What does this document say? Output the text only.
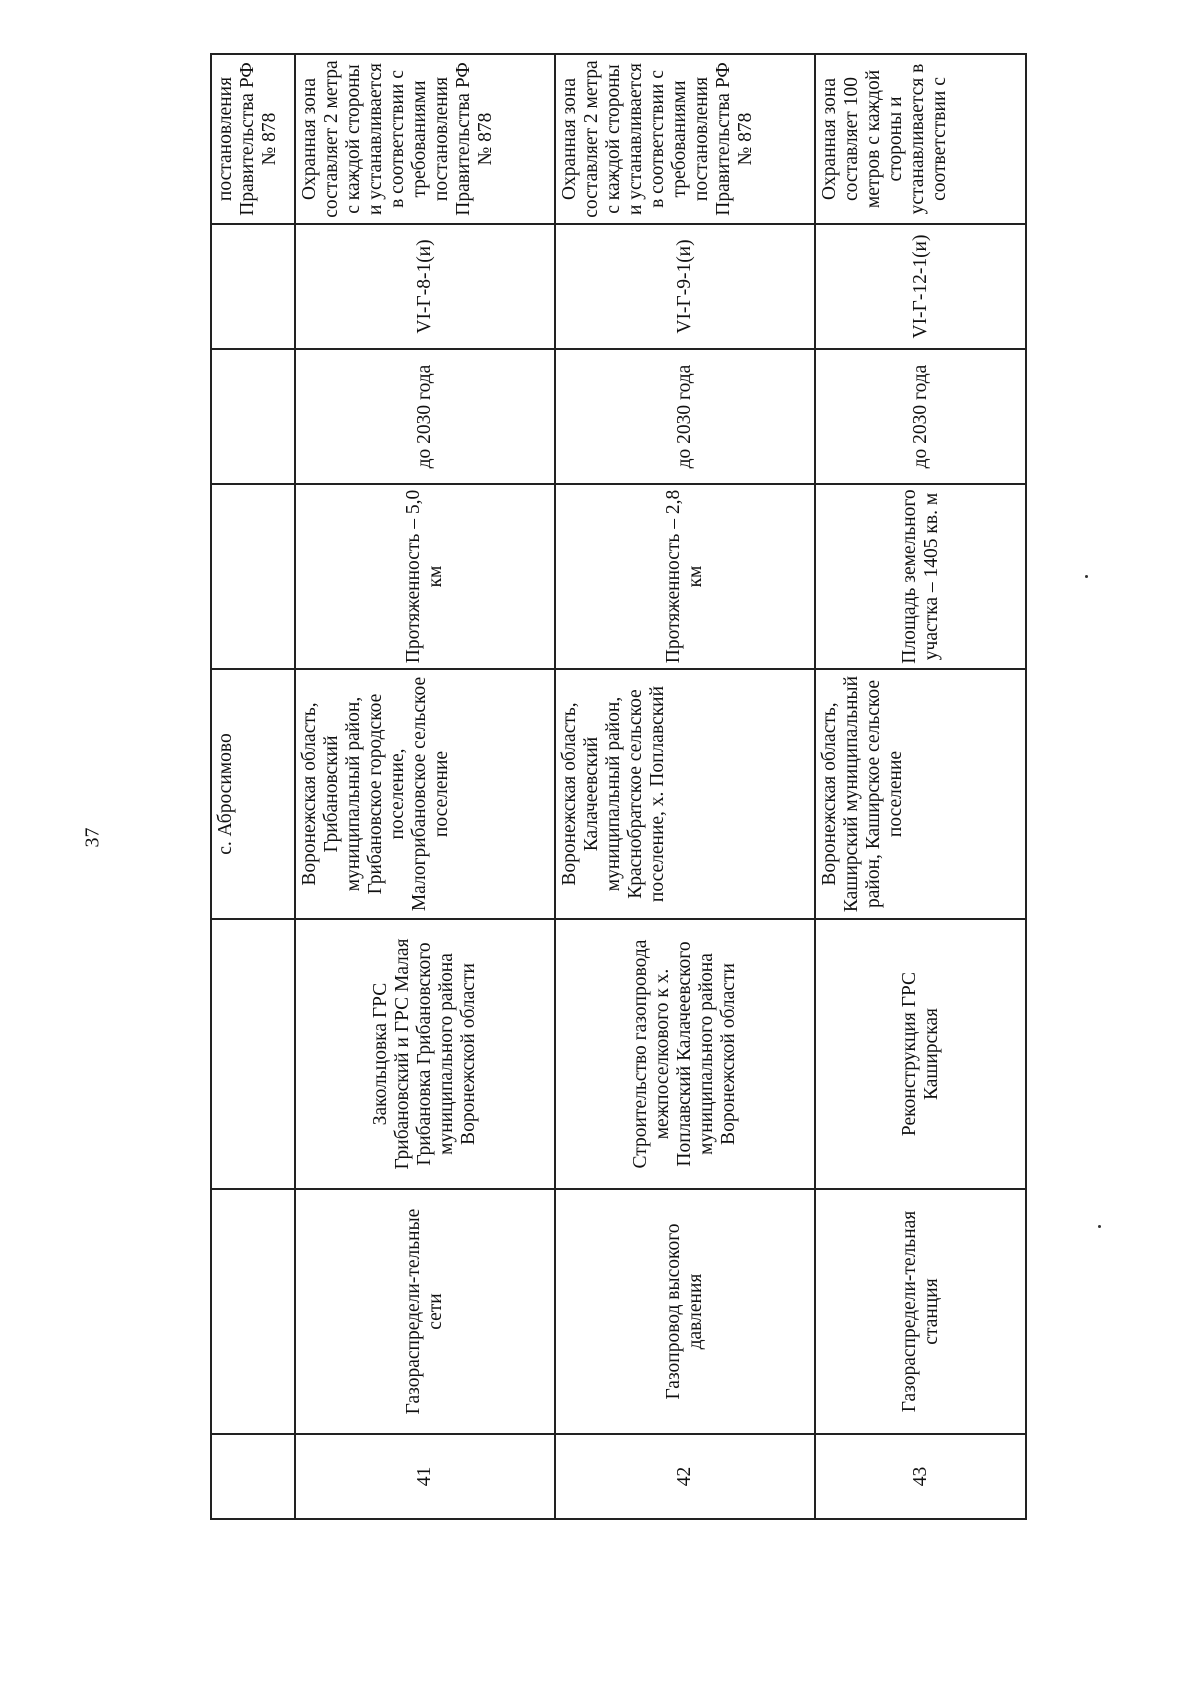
37
				с. Абросимово				постановления Правительства РФ № 878
41	Газораспредели-тельные сети	Закольцовка ГРС Грибановский и ГРС Малая Грибановка Грибановского муниципального района Воронежской области	Воронежская область, Грибановский муниципальный район, Грибановское городское поселение, Малогрибановское сельское поселение	Протяженность – 5,0 км	до 2030 года	VI-Г-8-1(и)	Охранная зона составляет 2 метра с каждой стороны и устанавливается в соответствии с требованиями постановления Правительства РФ № 878
42	Газопровод высокого давления	Строительство газопровода межпоселкового к х. Поплавский Калачеевского муниципального района Воронежской области	Воронежская область, Калачеевский муниципальный район, Краснобратское сельское поселение, х. Поплавский	Протяженность – 2,8 км	до 2030 года	VI-Г-9-1(и)	Охранная зона составляет 2 метра с каждой стороны и устанавливается в соответствии с требованиями постановления Правительства РФ № 878
43	Газораспредели-тельная станция	Реконструкция ГРС Каширская	Воронежская область, Каширский муниципальный район, Каширское сельское поселение	Площадь земельного участка – 1405 кв. м	до 2030 года	VI-Г-12-1(и)	Охранная зона составляет 100 метров с каждой стороны и устанавливается в соответствии с
